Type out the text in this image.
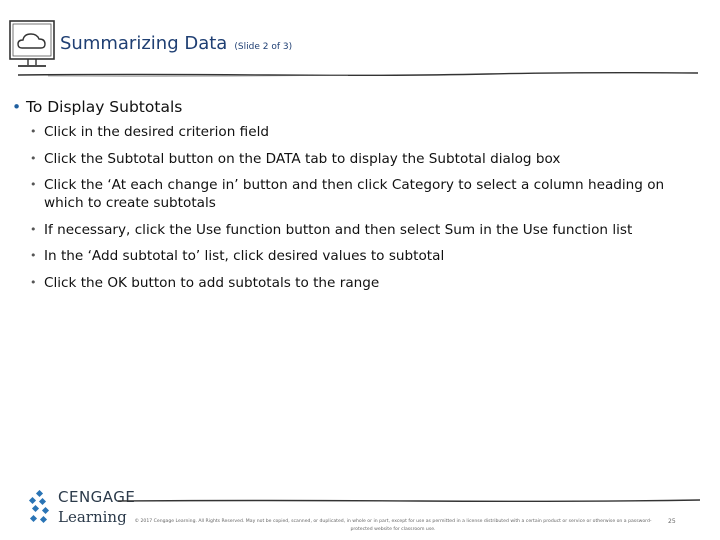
Summarizing Data (Slide 2 of 3)
• To Display Subtotals
• Click in the desired criterion field
• Click the Subtotal button on the DATA tab to display the Subtotal dialog box
• Click the ‘At each change in’ button and then click Category to select a column heading on which to create subtotals
• If necessary, click the Use function button and then select Sum in the Use function list
• In the ‘Add subtotal to’ list, click desired values to subtotal
• Click the OK button to add subtotals to the range
CENGAGE
Learning	© 2017 Cengage Learning. All Rights Reserved. May not be copied, scanned, or duplicated, in whole or in part, except for use as permitted in a license distributed with a certain product or service or otherwise on a password-protected website for classroom use.
25
